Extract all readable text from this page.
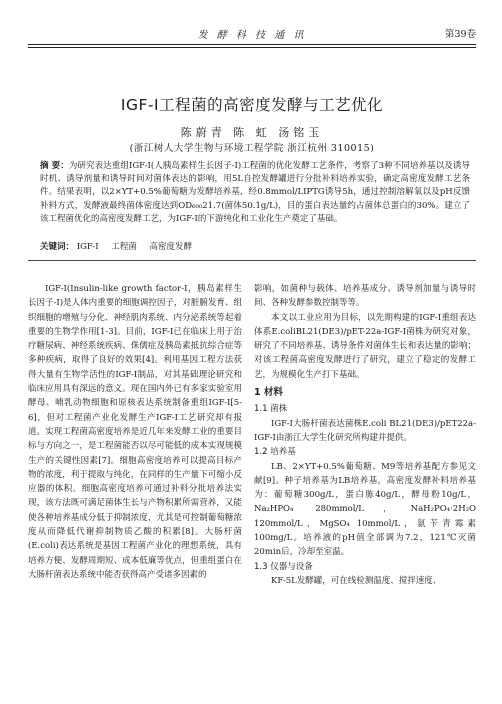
发 酵 科 技 通 讯	第39卷
IGF-I工程菌的高密度发酵与工艺优化
陈蔚青 陈 虹 汤铭玉
(浙江树人大学生物与环境工程学院 浙江杭州 310015)
摘 要：为研究表达重组IGF-I(人胰岛素样生长因子-I)工程菌的优化发酵工艺条件，考察了3种不同培养基以及诱导时机、诱导剂量和诱导时间对菌体表达的影响，用5L自控发酵罐进行分批补料培养实验，确定高密度发酵工艺条件。结果表明，以2×YT+0.5%葡萄糖为发酵培养基，经0.8mmol/LIPTG诱导5h，通过控制溶解氧以及pH反馈补料方式，发酵液最终菌体密度达到OD₆₀₀21.7(菌体50.1g/L)，目的蛋白表达量约占菌体总蛋白的30%。建立了该工程菌优化的高密度发酵工艺，为IGF-I的下游纯化和工业化生产奠定了基础。
关键词： IGF-I 工程菌 高密度发酵

IGF-I(Insulin-like growth factor-I，胰岛素样生长因子-I)是人体内重要的细胞调控因子，对脏腑发育、组织细胞的增殖与分化、神经肌肉系统、内分泌系统等起着重要的生物学作用[1-3]。目前，IGF-I已在临床上用于治疗糖尿病、神经系统疾病、侏儒症及胰岛素抵抗综合症等多种疾病，取得了良好的效果[4]。利用基因工程方法获得大量有生物学活性的IGF-I制品，对其基础理论研究和临床应用具有深远的意义。现在国内外已有多家实验室用酵母、哺乳动物细胞和原核表达系统制备重组IGF-I[5-6]，但对工程菌产业化发酵生产IGF-I工艺研究却有报道。实现工程菌高密度培养是近几年来发酵工业的重要目标与方向之一，是工程菌能否以尽可能低的成本实现规模生产的关键性因素[7]。细胞高密度培养可以提高目标产物的浓度，利于提取与纯化，在同样的生产量下可缩小反应器的体积。细胞高密度培养可通过补料分批培养法实现，该方法既可满足菌体生长与产物积累所需营养，又能使各种培养基成分低于抑制浓度，尤其是可控制葡萄糖浓度从而降低代谢抑制物质乙酸的积累[8]。大肠杆菌(E.coli)表达系统是基因工程菌产业化的理想系统，具有培养方便、发酵周期短、成本低廉等优点，但重组蛋白在大肠杆菌表达系统中能否获得高产受诸多因素的

影响，如菌种与载体、培养基成分、诱导剂加量与诱导时间、各种发酵参数控制等等。

本文以工业应用为目标，以先期构建的IGF-I重组表达体系E.coliBL21(DE3)/pET-22a-IGF-I菌株为研究对象，研究了不同培养基、诱导条件对菌体生长和表达量的影响；对该工程菌高密度发酵进行了研究，建立了稳定的发酵工艺，为规模化生产打下基础。

1 材料
1.1 菌株

IGF-I大肠杆菌表达菌株E.coli BL21(DE3)/pET22a-IGF-I由浙江大学生化研究所构建并提供。

1.2 培养基

LB、2×YT+0.5%葡萄糖、M9等培养基配方参见文献[9]。种子培养基为LB培养基，高密度发酵补料培养基为：葡萄糖300g/L，蛋白胨40g/L，酵母粉10g/L，Na₂HPO₄ 280mmol/L，NaH₂PO₄·2H₂O 120mmol/L，MgSO₄ 10mmol/L，氨苄青霉素100mg/L。培养液的pH值全部调为7.2，121℃灭菌20min后，冷却至室温。

1.3 仪器与设备

KF-5L发酵罐，可在线检测温度、搅拌速度、
